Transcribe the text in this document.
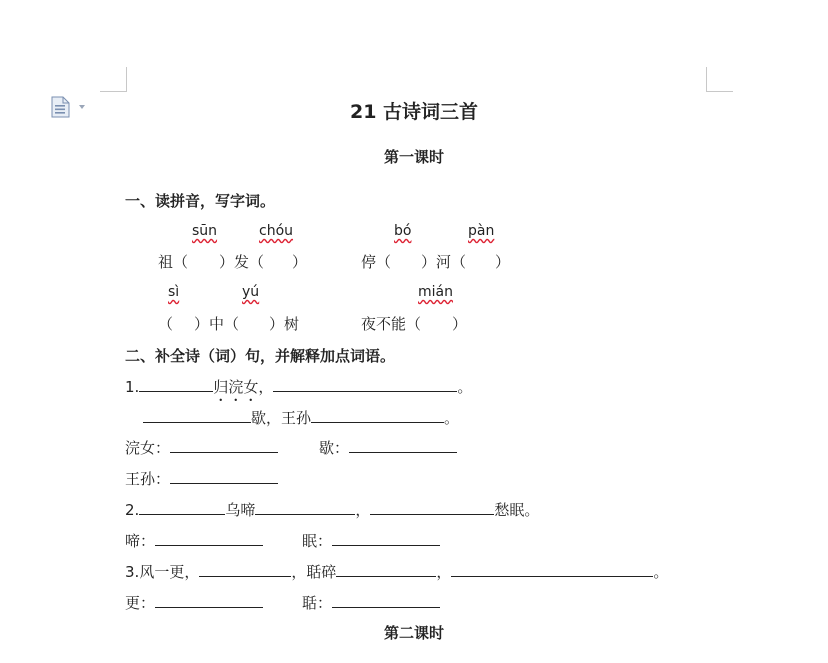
21 古诗词三首
第一课时
一、读拼音，写字词。
sūn	chóu	bó	pàn
祖（ ）发（ ）	停（ ）河（ ）
sì	yú	mián
（ ）中（ ）树	夜不能（ ）
二、补全诗（词）句，并解释加点词语。
1.	归浣女，	。
歇，王孙	。
浣女：	歇：
王孙：
2.	乌啼	，	愁眠。
啼：	眠：
3.风一更，	，聒碎	，	。
更：	聒：
第二课时
